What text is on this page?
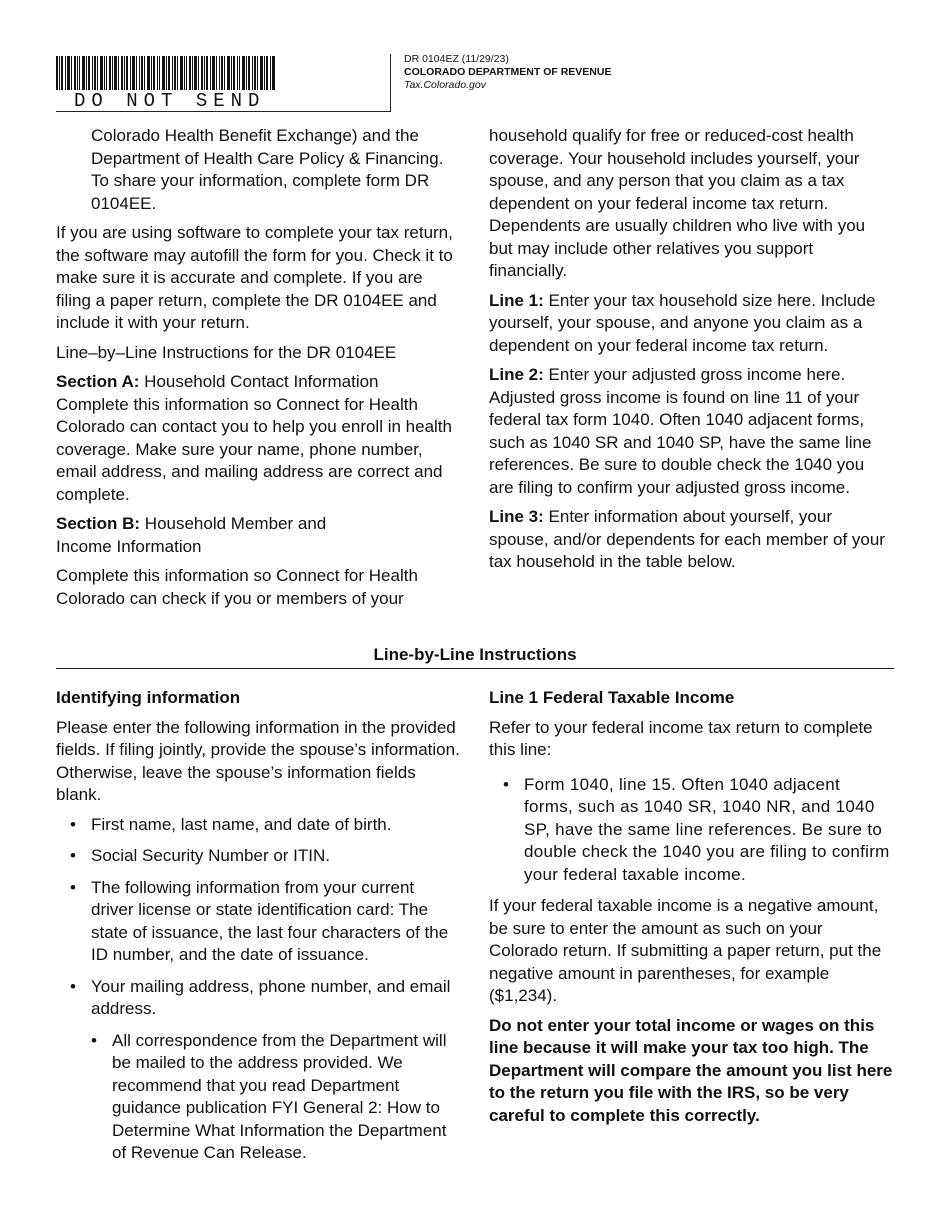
DO NOT SEND
DR 0104EZ (11/29/23)
COLORADO DEPARTMENT OF REVENUE
Tax.Colorado.gov

Colorado Health Benefit Exchange) and the Department of Health Care Policy & Financing. To share your information, complete form DR 0104EE.

If you are using software to complete your tax return, the software may autofill the form for you. Check it to make sure it is accurate and complete. If you are filing a paper return, complete the DR 0104EE and include it with your return.

Line–by–Line Instructions for the DR 0104EE

Section A: Household Contact Information
Complete this information so Connect for Health Colorado can contact you to help you enroll in health coverage. Make sure your name, phone number, email address, and mailing address are correct and complete.

Section B: Household Member and Income Information

Complete this information so Connect for Health Colorado can check if you or members of your

household qualify for free or reduced-cost health coverage. Your household includes yourself, your spouse, and any person that you claim as a tax dependent on your federal income tax return. Dependents are usually children who live with you but may include other relatives you support financially.

Line 1: Enter your tax household size here. Include yourself, your spouse, and anyone you claim as a dependent on your federal income tax return.

Line 2: Enter your adjusted gross income here. Adjusted gross income is found on line 11 of your federal tax form 1040. Often 1040 adjacent forms, such as 1040 SR and 1040 SP, have the same line references. Be sure to double check the 1040 you are filing to confirm your adjusted gross income.

Line 3: Enter information about yourself, your spouse, and/or dependents for each member of your tax household in the table below.

Line-by-Line Instructions
Identifying information

Please enter the following information in the provided fields. If filing jointly, provide the spouse’s information. Otherwise, leave the spouse’s information fields blank.

• First name, last name, and date of birth.
• Social Security Number or ITIN.
• The following information from your current driver license or state identification card: The state of issuance, the last four characters of the ID number, and the date of issuance.
• Your mailing address, phone number, and email address.
• All correspondence from the Department will be mailed to the address provided. We recommend that you read Department guidance publication FYI General 2: How to Determine What Information the Department of Revenue Can Release.
Line 1 Federal Taxable Income

Refer to your federal income tax return to complete this line:

• Form 1040, line 15. Often 1040 adjacent forms, such as 1040 SR, 1040 NR, and 1040 SP, have the same line references. Be sure to double check the 1040 you are filing to confirm your federal taxable income.

If your federal taxable income is a negative amount, be sure to enter the amount as such on your Colorado return. If submitting a paper return, put the negative amount in parentheses, for example ($1,234).

Do not enter your total income or wages on this line because it will make your tax too high. The Department will compare the amount you list here to the return you file with the IRS, so be very careful to complete this correctly.
